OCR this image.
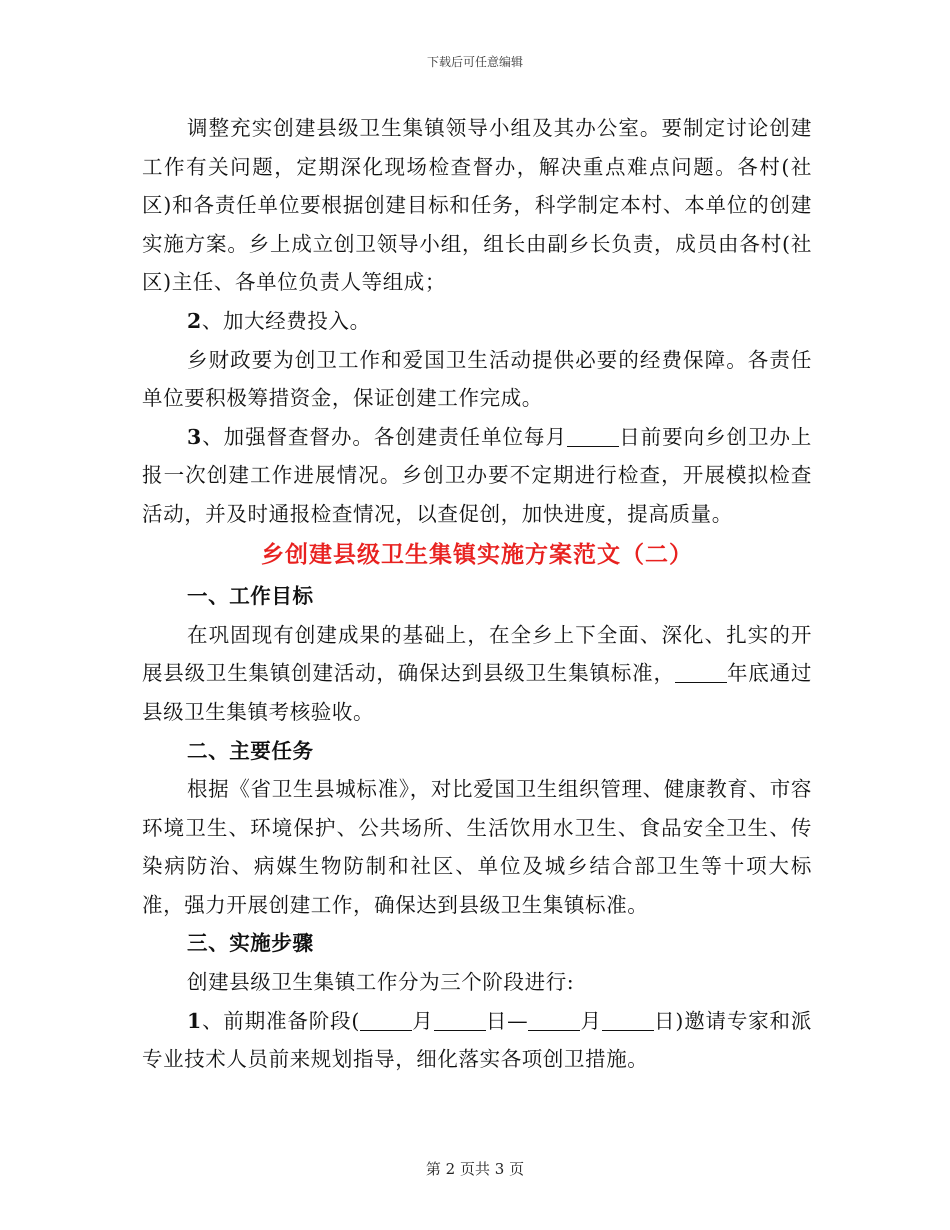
下载后可任意编辑

调整充实创建县级卫生集镇领导小组及其办公室。要制定讨论创建工作有关问题，定期深化现场检查督办，解决重点难点问题。各村(社区)和各责任单位要根据创建目标和任务，科学制定本村、本单位的创建实施方案。乡上成立创卫领导小组，组长由副乡长负责，成员由各村(社区)主任、各单位负责人等组成；

2、加大经费投入。

乡财政要为创卫工作和爱国卫生活动提供必要的经费保障。各责任单位要积极筹措资金，保证创建工作完成。

3、加强督查督办。各创建责任单位每月	日前要向乡创卫办上报一次创建工作进展情况。乡创卫办要不定期进行检查，开展模拟检查活动，并及时通报检查情况，以查促创，加快进度，提高质量。

乡创建县级卫生集镇实施方案范文（二）

一、工作目标

在巩固现有创建成果的基础上，在全乡上下全面、深化、扎实的开展县级卫生集镇创建活动，确保达到县级卫生集镇标准，	年底通过县级卫生集镇考核验收。

二、主要任务

根据《省卫生县城标准》，对比爱国卫生组织管理、健康教育、市容环境卫生、环境保护、公共场所、生活饮用水卫生、食品安全卫生、传染病防治、病媒生物防制和社区、单位及城乡结合部卫生等十项大标准，强力开展创建工作，确保达到县级卫生集镇标准。

三、实施步骤

创建县级卫生集镇工作分为三个阶段进行:

1、前期准备阶段(	月	日—	月	日)邀请专家和派专业技术人员前来规划指导，细化落实各项创卫措施。

第 2 页共 3 页
